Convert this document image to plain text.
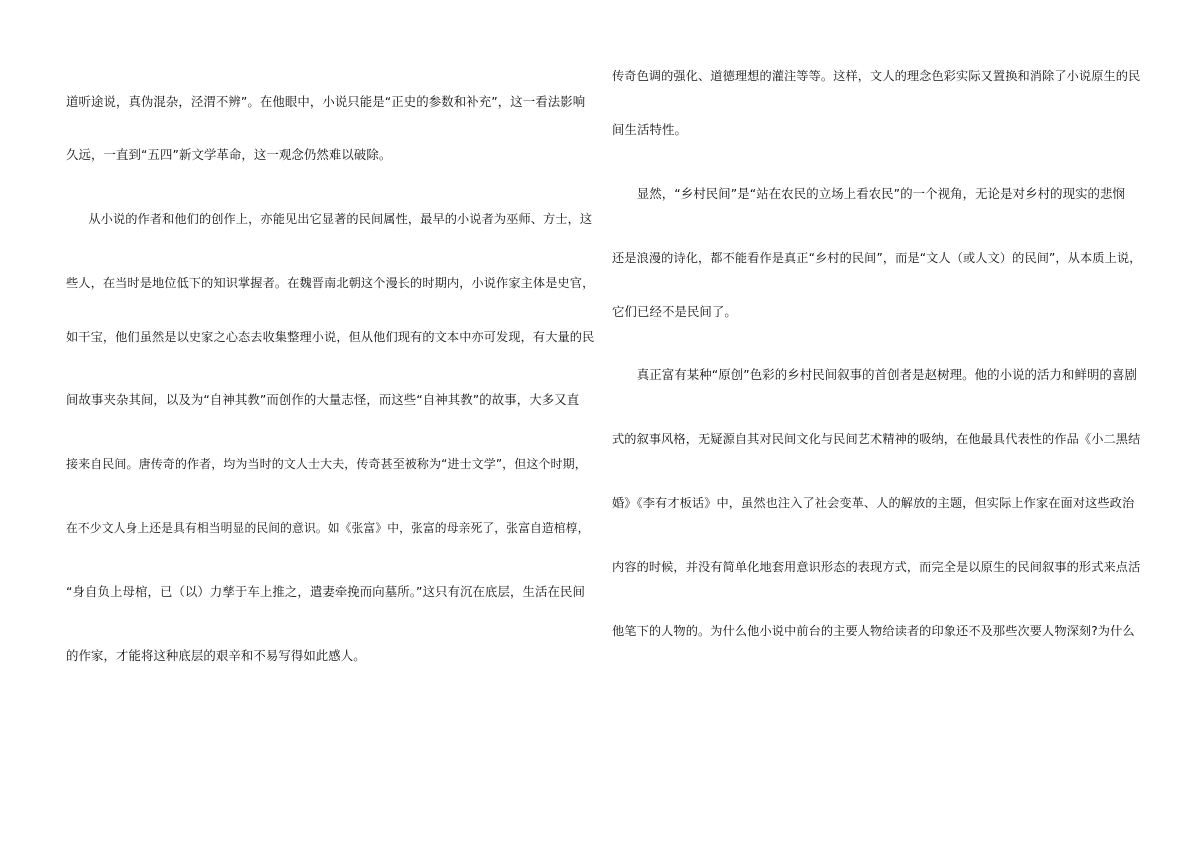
道听途说，真伪混杂，泾渭不辨”。在他眼中，小说只能是“正史的参数和补充”，这一看法影响
久远，一直到“五四”新文学革命，这一观念仍然难以破除。
从小说的作者和他们的创作上，亦能见出它显著的民间属性，最早的小说者为巫师、方士，这
些人，在当时是地位低下的知识掌握者。在魏晋南北朝这个漫长的时期内，小说作家主体是史官，
如干宝，他们虽然是以史家之心态去收集整理小说，但从他们现有的文本中亦可发现，有大量的民
间故事夹杂其间，以及为“自神其教”而创作的大量志怪，而这些“自神其教”的故事，大多又直
接来自民间。唐传奇的作者，均为当时的文人士大夫，传奇甚至被称为“进士文学”，但这个时期，
在不少文人身上还是具有相当明显的民间的意识。如《张富》中，张富的母亲死了，张富自造棺椁，
“身自负上母棺，已（以）力孳于车上推之，遣妻牵挽而向墓所。”这只有沉在底层，生活在民间
的作家，才能将这种底层的艰辛和不易写得如此感人。
传奇色调的强化、道德理想的灌注等等。这样，文人的理念色彩实际又置换和消除了小说原生的民
间生活特性。
显然，“乡村民间”是“站在农民的立场上看农民”的一个视角，无论是对乡村的现实的悲悯
还是浪漫的诗化，都不能看作是真正“乡村的民间”，而是“文人（或人文）的民间”，从本质上说，
它们已经不是民间了。
真正富有某种“原创”色彩的乡村民间叙事的首创者是赵树理。他的小说的活力和鲜明的喜剧
式的叙事风格，无疑源自其对民间文化与民间艺术精神的吸纳，在他最具代表性的作品《小二黑结
婚》《李有才板话》中，虽然也注入了社会变革、人的解放的主题，但实际上作家在面对这些政治
内容的时候，并没有简单化地套用意识形态的表现方式，而完全是以原生的民间叙事的形式来点活
他笔下的人物的。为什么他小说中前台的主要人物给读者的印象还不及那些次要人物深刻?为什么
